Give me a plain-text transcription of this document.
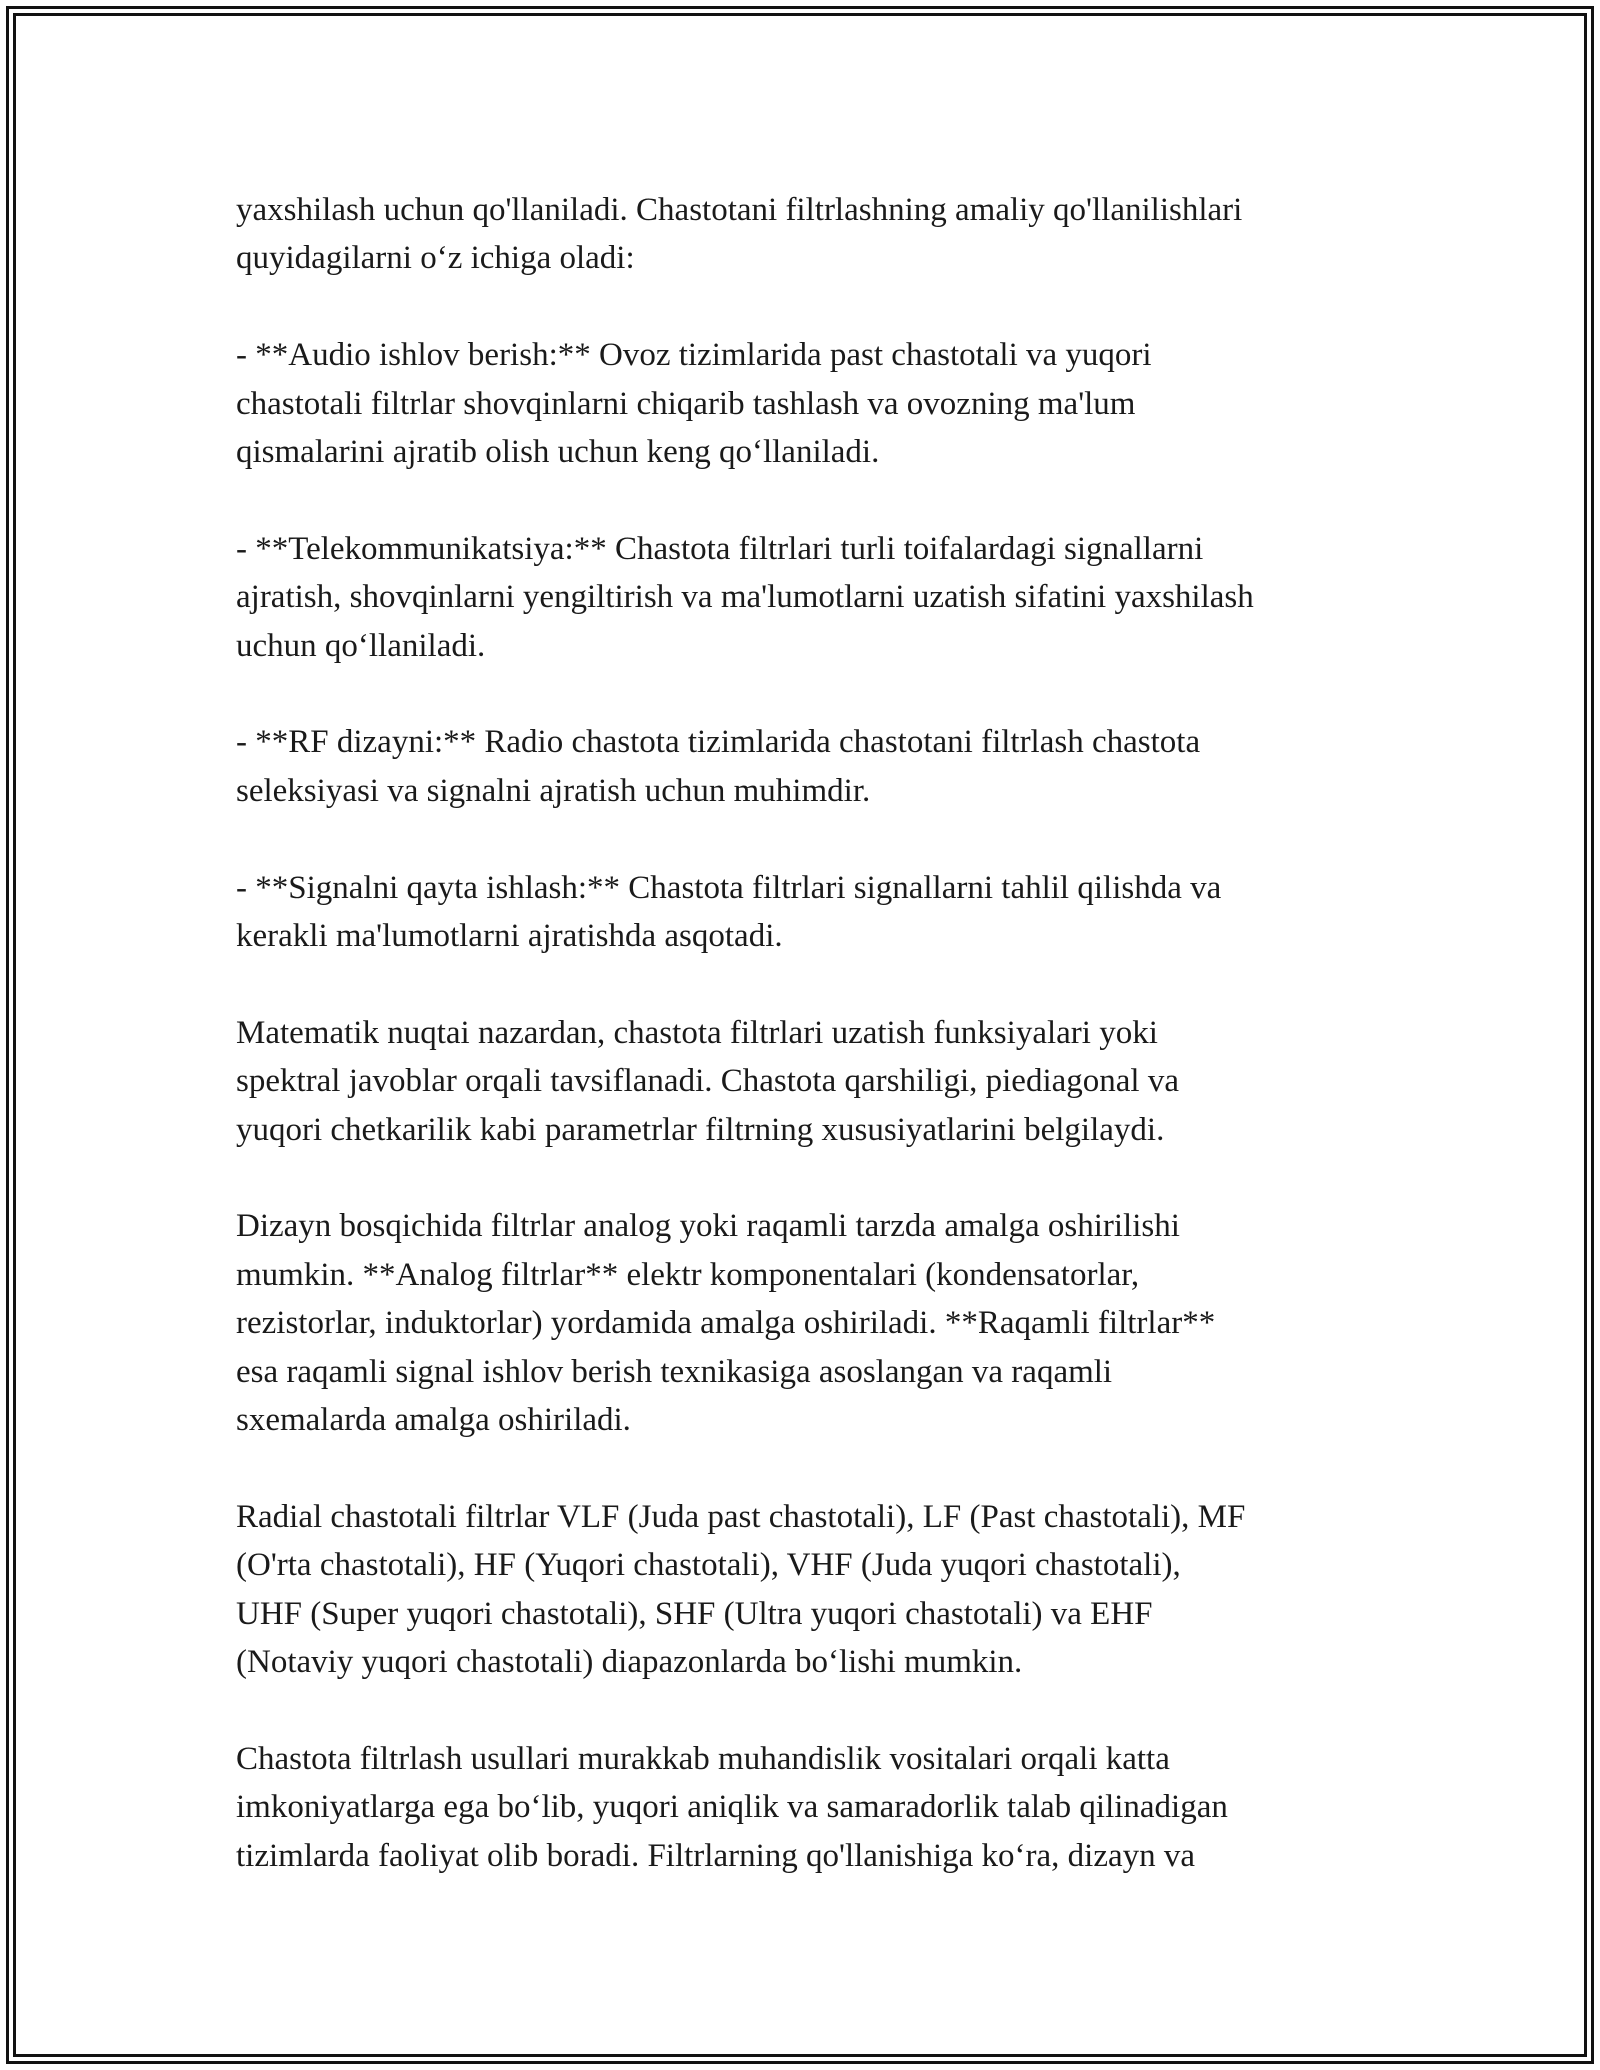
yaxshilash uchun qo'llaniladi. Chastotani filtrlashning amaliy qo'llanilishlari
quyidagilarni o‘z ichiga oladi:

- **Audio ishlov berish:** Ovoz tizimlarida past chastotali va yuqori
chastotali filtrlar shovqinlarni chiqarib tashlash va ovozning ma'lum
qismalarini ajratib olish uchun keng qo‘llaniladi.

- **Telekommunikatsiya:** Chastota filtrlari turli toifalardagi signallarni
ajratish, shovqinlarni yengiltirish va ma'lumotlarni uzatish sifatini yaxshilash
uchun qo‘llaniladi.

- **RF dizayni:** Radio chastota tizimlarida chastotani filtrlash chastota
seleksiyasi va signalni ajratish uchun muhimdir.

- **Signalni qayta ishlash:** Chastota filtrlari signallarni tahlil qilishda va
kerakli ma'lumotlarni ajratishda asqotadi.

Matematik nuqtai nazardan, chastota filtrlari uzatish funksiyalari yoki
spektral javoblar orqali tavsiflanadi. Chastota qarshiligi, piediagonal va
yuqori chetkarilik kabi parametrlar filtrning xususiyatlarini belgilaydi.

Dizayn bosqichida filtrlar analog yoki raqamli tarzda amalga oshirilishi
mumkin. **Analog filtrlar** elektr komponentalari (kondensatorlar,
rezistorlar, induktorlar) yordamida amalga oshiriladi. **Raqamli filtrlar**
esa raqamli signal ishlov berish texnikasiga asoslangan va raqamli
sxemalarda amalga oshiriladi.

Radial chastotali filtrlar VLF (Juda past chastotali), LF (Past chastotali), MF
(O'rta chastotali), HF (Yuqori chastotali), VHF (Juda yuqori chastotali),
UHF (Super yuqori chastotali), SHF (Ultra yuqori chastotali) va EHF
(Notaviy yuqori chastotali) diapazonlarda bo‘lishi mumkin.

Chastota filtrlash usullari murakkab muhandislik vositalari orqali katta
imkoniyatlarga ega bo‘lib, yuqori aniqlik va samaradorlik talab qilinadigan
tizimlarda faoliyat olib boradi. Filtrlarning qo'llanishiga ko‘ra, dizayn va
